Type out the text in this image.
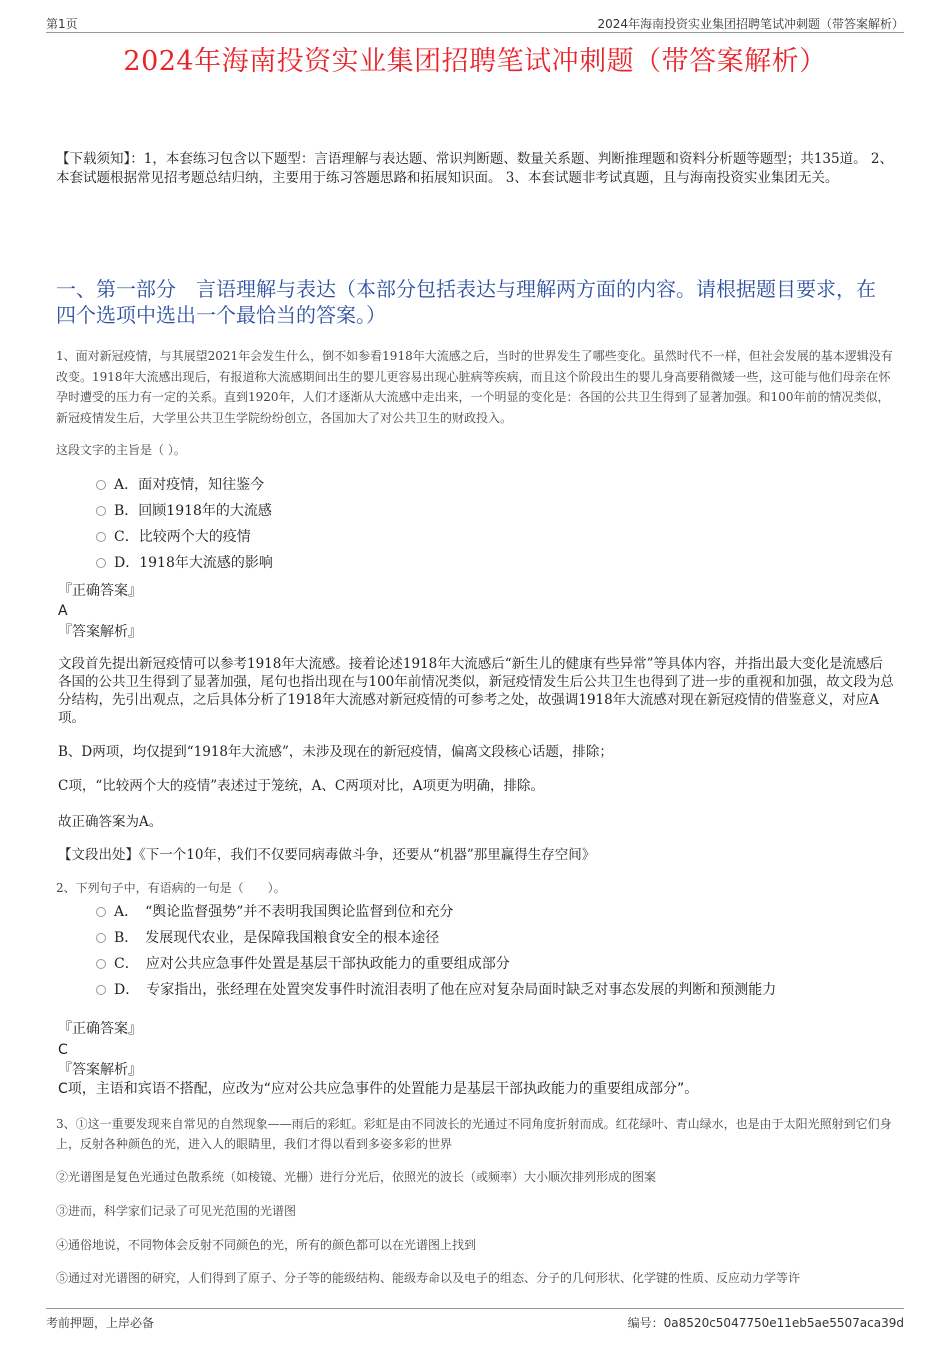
第1页	2024年海南投资实业集团招聘笔试冲刺题（带答案解析）
2024年海南投资实业集团招聘笔试冲刺题（带答案解析）
【下载须知】：1，本套练习包含以下题型：言语理解与表达题、常识判断题、数量关系题、判断推理题和资料分析题等题型；共135道。 2、本套试题根据常见招考题总结归纳，主要用于练习答题思路和拓展知识面。 3、本套试题非考试真题，且与海南投资实业集团无关。
一、第一部分　言语理解与表达（本部分包括表达与理解两方面的内容。请根据题目要求，在四个选项中选出一个最恰当的答案。）
1、面对新冠疫情，与其展望2021年会发生什么，倒不如参看1918年大流感之后，当时的世界发生了哪些变化。虽然时代不一样，但社会发展的基本逻辑没有改变。1918年大流感出现后，有报道称大流感期间出生的婴儿更容易出现心脏病等疾病，而且这个阶段出生的婴儿身高要稍微矮一些，这可能与他们母亲在怀孕时遭受的压力有一定的关系。直到1920年，人们才逐渐从大流感中走出来，一个明显的变化是：各国的公共卫生得到了显著加强。和100年前的情况类似，新冠疫情发生后，大学里公共卫生学院纷纷创立，各国加大了对公共卫生的财政投入。
这段文字的主旨是（ ）。
A．面对疫情，知往鉴今
B．回顾1918年的大流感
C．比较两个大的疫情
D．1918年大流感的影响
『正确答案』
A
『答案解析』
文段首先提出新冠疫情可以参考1918年大流感。接着论述1918年大流感后“新生儿的健康有些异常”等具体内容，并指出最大变化是流感后各国的公共卫生得到了显著加强，尾句也指出现在与100年前情况类似，新冠疫情发生后公共卫生也得到了进一步的重视和加强，故文段为总分结构，先引出观点，之后具体分析了1918年大流感对新冠疫情的可参考之处，故强调1918年大流感对现在新冠疫情的借鉴意义，对应A项。
B、D两项，均仅提到“1918年大流感”，未涉及现在的新冠疫情，偏离文段核心话题，排除；
C项，“比较两个大的疫情”表述过于笼统，A、C两项对比，A项更为明确，排除。
故正确答案为A。
【文段出处】《下一个10年，我们不仅要同病毒做斗争，还要从“机器”那里赢得生存空间》
2、下列句子中，有语病的一句是（　　）。
A．　“舆论监督强势”并不表明我国舆论监督到位和充分
B．　发展现代农业，是保障我国粮食安全的根本途径
C．　应对公共应急事件处置是基层干部执政能力的重要组成部分
D．　专家指出，张经理在处置突发事件时流泪表明了他在应对复杂局面时缺乏对事态发展的判断和预测能力
『正确答案』
C
『答案解析』
C项，主语和宾语不搭配，应改为“应对公共应急事件的处置能力是基层干部执政能力的重要组成部分”。
3、①这一重要发现来自常见的自然现象——雨后的彩虹。彩虹是由不同波长的光通过不同角度折射而成。红花绿叶、青山绿水，也是由于太阳光照射到它们身上，反射各种颜色的光，进入人的眼睛里，我们才得以看到多姿多彩的世界
②光谱图是复色光通过色散系统（如棱镜、光栅）进行分光后，依照光的波长（或频率）大小顺次排列形成的图案
③进而，科学家们记录了可见光范围的光谱图
④通俗地说，不同物体会反射不同颜色的光，所有的颜色都可以在光谱图上找到
⑤通过对光谱图的研究，人们得到了原子、分子等的能级结构、能级寿命以及电子的组态、分子的几何形状、化学键的性质、反应动力学等许
考前押题，上岸必备	编号：0a8520c5047750e11eb5ae5507aca39d
